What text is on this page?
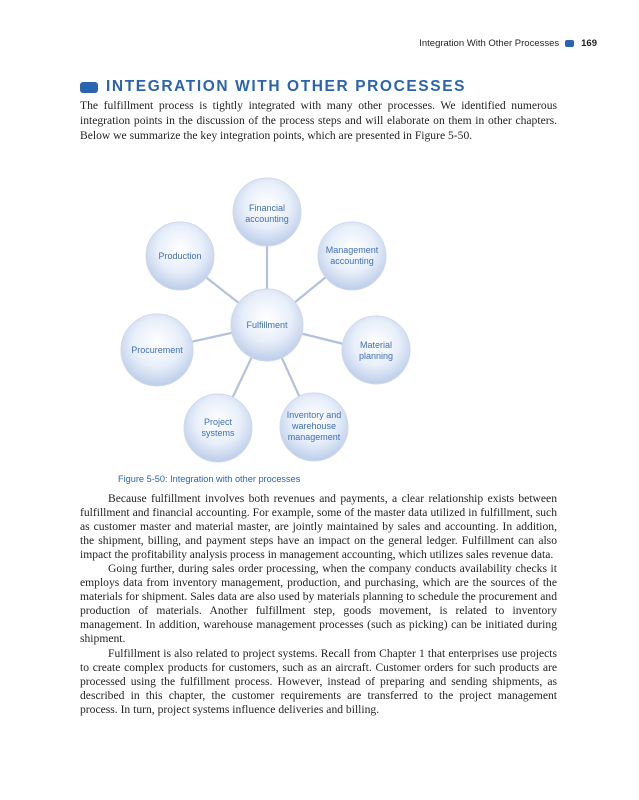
Integration With Other Processes 169
INTEGRATION WITH OTHER PROCESSES

The fulfillment process is tightly integrated with many other processes. We identified numerous integration points in the discussion of the process steps and will elaborate on them in other chapters. Below we summarize the key integration points, which are presented in Figure 5-50.

Financial
accounting
Management
accounting
Material
planning
Inventory and
warehouse
management
Project
systems
Procurement
Production
Fulfillment
Figure 5-50: Integration with other processes

Because fulfillment involves both revenues and payments, a clear relationship exists between fulfillment and financial accounting. For example, some of the master data utilized in fulfillment, such as customer master and material master, are jointly maintained by sales and accounting. In addition, the shipment, billing, and payment steps have an impact on the general ledger. Fulfillment can also impact the profitability analysis process in management accounting, which utilizes sales revenue data.

Going further, during sales order processing, when the company conducts availability checks it employs data from inventory management, production, and purchasing, which are the sources of the materials for shipment. Sales data are also used by materials planning to schedule the procurement and production of materials. Another fulfillment step, goods movement, is related to inventory management. In addition, warehouse management processes (such as picking) can be initiated during shipment.

Fulfillment is also related to project systems. Recall from Chapter 1 that enterprises use projects to create complex products for customers, such as an aircraft. Customer orders for such products are processed using the fulfillment process. However, instead of preparing and sending shipments, as described in this chapter, the customer requirements are transferred to the project management process. In turn, project systems influence deliveries and billing.
